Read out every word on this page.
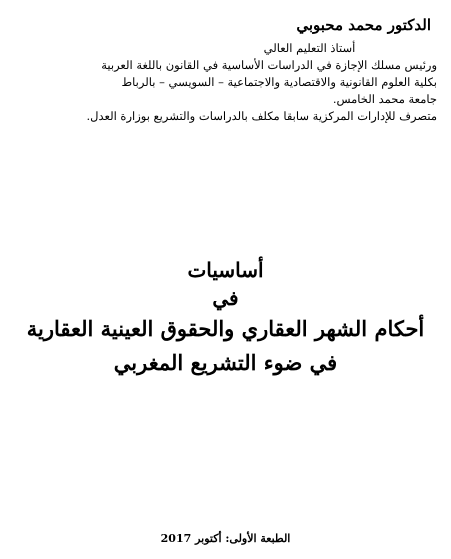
الدكتور محمد محبوبي

أستاذ التعليم العالي

ورئيس مسلك الإجازة في الدراسات الأساسية في القانون باللغة العربية

بكلية العلوم القانونية والاقتصادية والاجتماعية – السويسي – بالرباط

جامعة محمد الخامس.

متصرف للإدارات المركزية سابقا مكلف بالدراسات والتشريع بوزارة العدل.

أساسيات

في

أحكام الشهر العقاري والحقوق العينية العقارية

في ضوء التشريع المغربي

الطبعة الأولى: أكتوبر 2017
